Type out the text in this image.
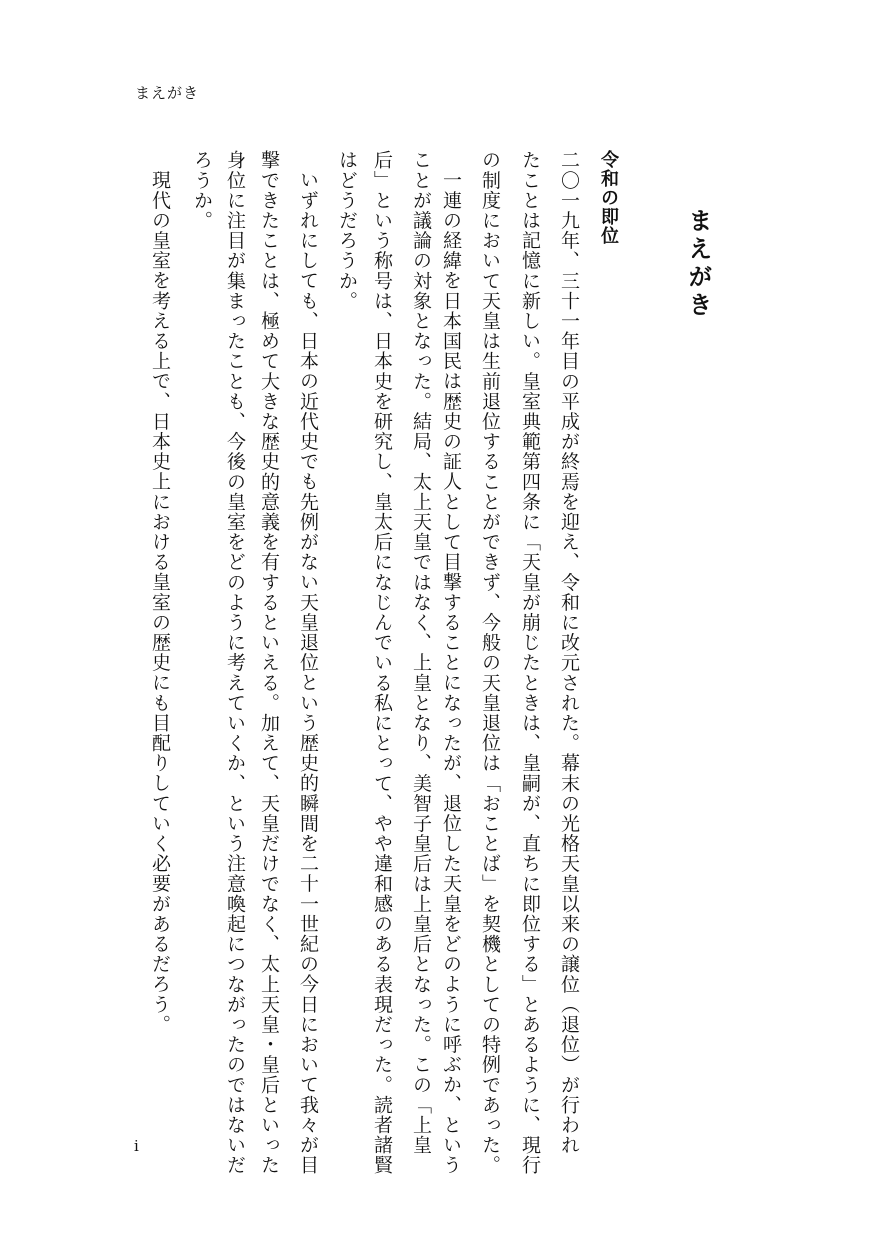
まえがき
まえがき
令和の即位
二〇一九年、三十一年目の平成が終焉を迎え、令和に改元された。幕末の光格天皇以来の譲位（退位）が行われ
たことは記憶に新しい。皇室典範第四条に「天皇が崩じたときは、皇嗣が、直ちに即位する」とあるように、現行
の制度において天皇は生前退位することができず、今般の天皇退位は「おことば」を契機としての特例であった。
一連の経緯を日本国民は歴史の証人として目撃することになったが、退位した天皇をどのように呼ぶか、という
ことが議論の対象となった。結局、太上天皇ではなく、上皇となり、美智子皇后は上皇后となった。この「上皇
后」という称号は、日本史を研究し、皇太后になじんでいる私にとって、やや違和感のある表現だった。読者諸賢
はどうだろうか。
いずれにしても、日本の近代史でも先例がない天皇退位という歴史的瞬間を二十一世紀の今日において我々が目
撃できたことは、極めて大きな歴史的意義を有するといえる。加えて、天皇だけでなく、太上天皇・皇后といった
身位に注目が集まったことも、今後の皇室をどのように考えていくか、という注意喚起につながったのではないだ
ろうか。
現代の皇室を考える上で、日本史上における皇室の歴史にも目配りしていく必要があるだろう。
i
